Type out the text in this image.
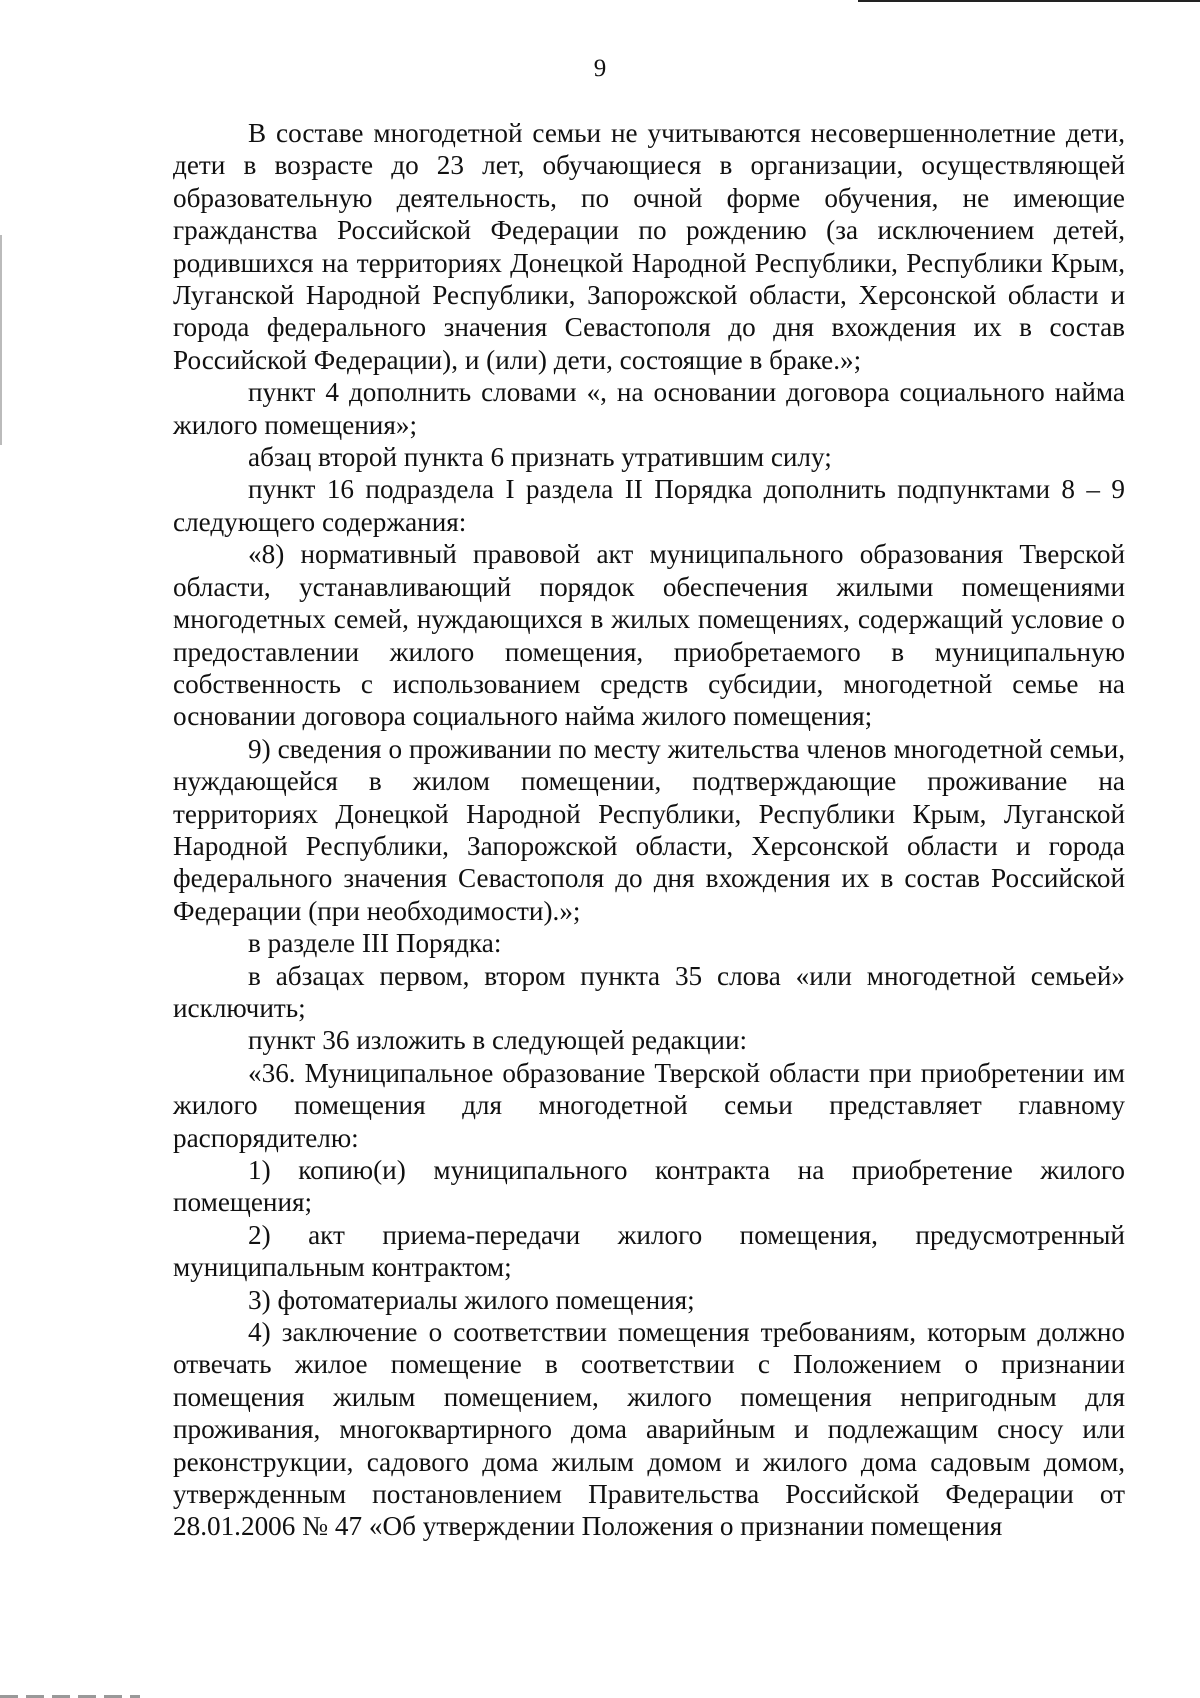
9

В составе многодетной семьи не учитываются несовершеннолетние дети, дети в возрасте до 23 лет, обучающиеся в организации, осуществляющей образовательную деятельность, по очной форме обучения, не имеющие гражданства Российской Федерации по рождению (за исключением детей, родившихся на территориях Донецкой Народной Республики, Республики Крым, Луганской Народной Республики, Запорожской области, Херсонской области и города федерального значения Севастополя до дня вхождения их в состав Российской Федерации), и (или) дети, состоящие в браке.»;

пункт 4 дополнить словами «, на основании договора социального найма жилого помещения»;

абзац второй пункта 6 признать утратившим силу;

пункт 16 подраздела I раздела II Порядка дополнить подпунктами 8 – 9 следующего содержания:

«8) нормативный правовой акт муниципального образования Тверской области, устанавливающий порядок обеспечения жилыми помещениями многодетных семей, нуждающихся в жилых помещениях, содержащий условие о предоставлении жилого помещения, приобретаемого в муниципальную собственность с использованием средств субсидии, многодетной семье на основании договора социального найма жилого помещения;

9) сведения о проживании по месту жительства членов многодетной семьи, нуждающейся в жилом помещении, подтверждающие проживание на территориях Донецкой Народной Республики, Республики Крым, Луганской Народной Республики, Запорожской области, Херсонской области и города федерального значения Севастополя до дня вхождения их в состав Российской Федерации (при необходимости).»;

в разделе III Порядка:

в абзацах первом, втором пункта 35 слова «или многодетной семьей» исключить;

пункт 36 изложить в следующей редакции:

«36. Муниципальное образование Тверской области при приобретении им жилого помещения для многодетной семьи представляет главному распорядителю:

1) копию(и) муниципального контракта на приобретение жилого помещения;

2) акт приема-передачи жилого помещения, предусмотренный муниципальным контрактом;

3) фотоматериалы жилого помещения;

4) заключение о соответствии помещения требованиям, которым должно отвечать жилое помещение в соответствии с Положением о признании помещения жилым помещением, жилого помещения непригодным для проживания, многоквартирного дома аварийным и подлежащим сносу или реконструкции, садового дома жилым домом и жилого дома садовым домом, утвержденным постановлением Правительства Российской Федерации от 28.01.2006 № 47 «Об утверждении Положения о признании помещения
